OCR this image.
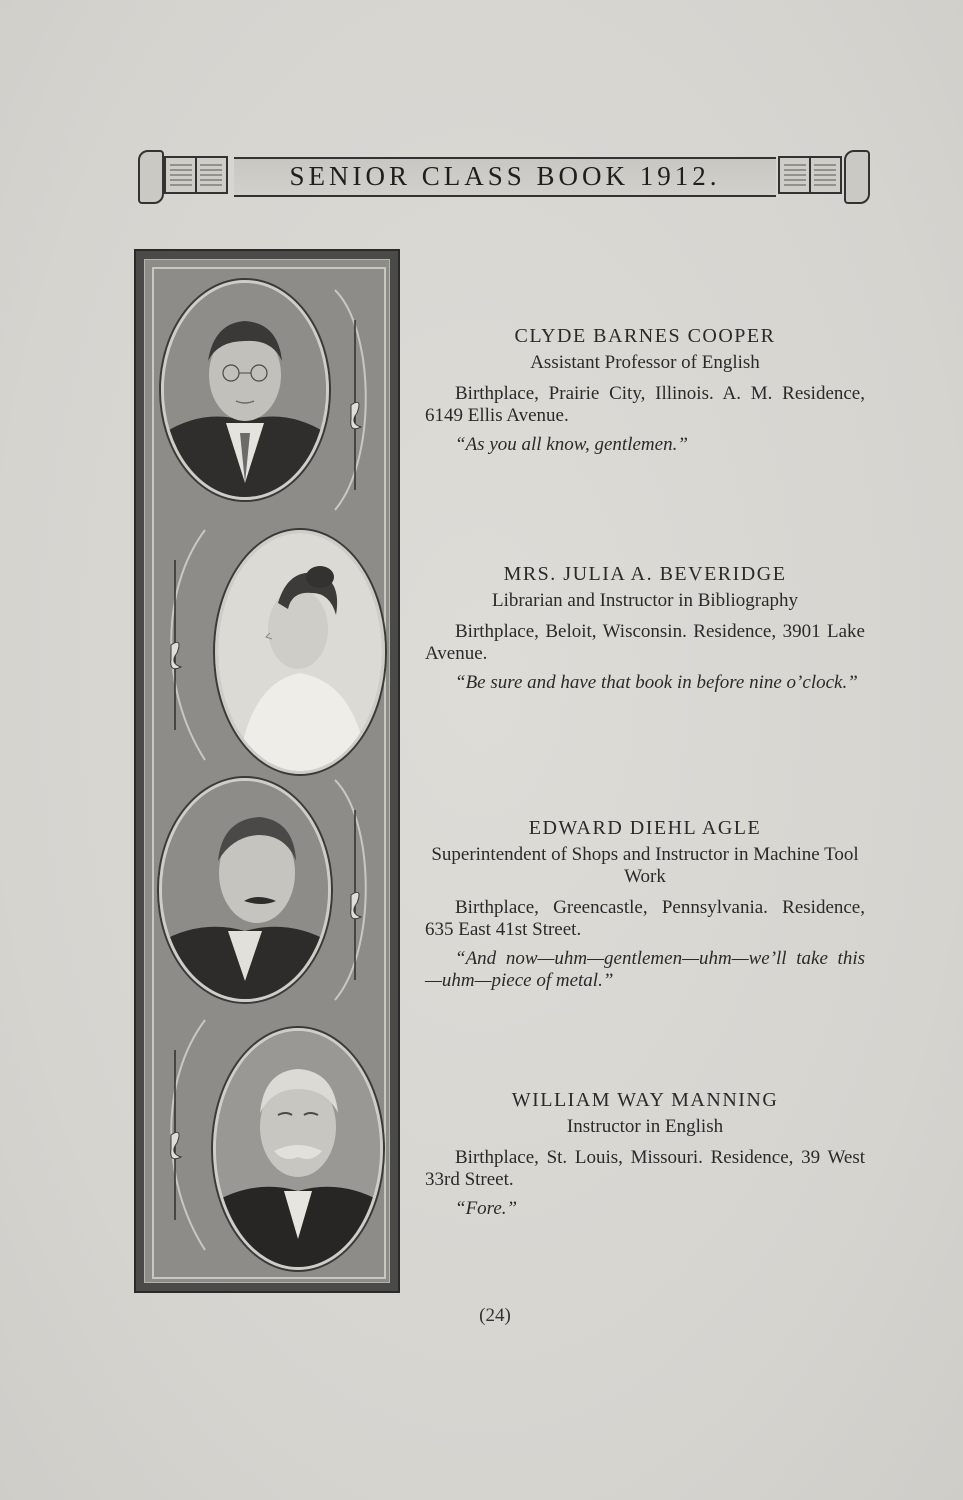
SENIOR CLASS BOOK 1912.

CLYDE BARNES COOPER

Assistant Professor of English

Birthplace, Prairie City, Illinois. A. M. Residence, 6149 Ellis Avenue.

“As you all know, gentlemen.”

MRS. JULIA A. BEVERIDGE

Librarian and Instructor in Bibliography

Birthplace, Beloit, Wisconsin. Residence, 3901 Lake Avenue.

“Be sure and have that book in before nine o’clock.”

EDWARD DIEHL AGLE

Superintendent of Shops and Instructor in Machine Tool Work

Birthplace, Greencastle, Pennsylvania. Residence, 635 East 41st Street.

“And now—uhm—gentlemen—uhm—we’ll take this—uhm—piece of metal.”

WILLIAM WAY MANNING

Instructor in English

Birthplace, St. Louis, Missouri. Residence, 39 West 33rd Street.

“Fore.”

(24)
